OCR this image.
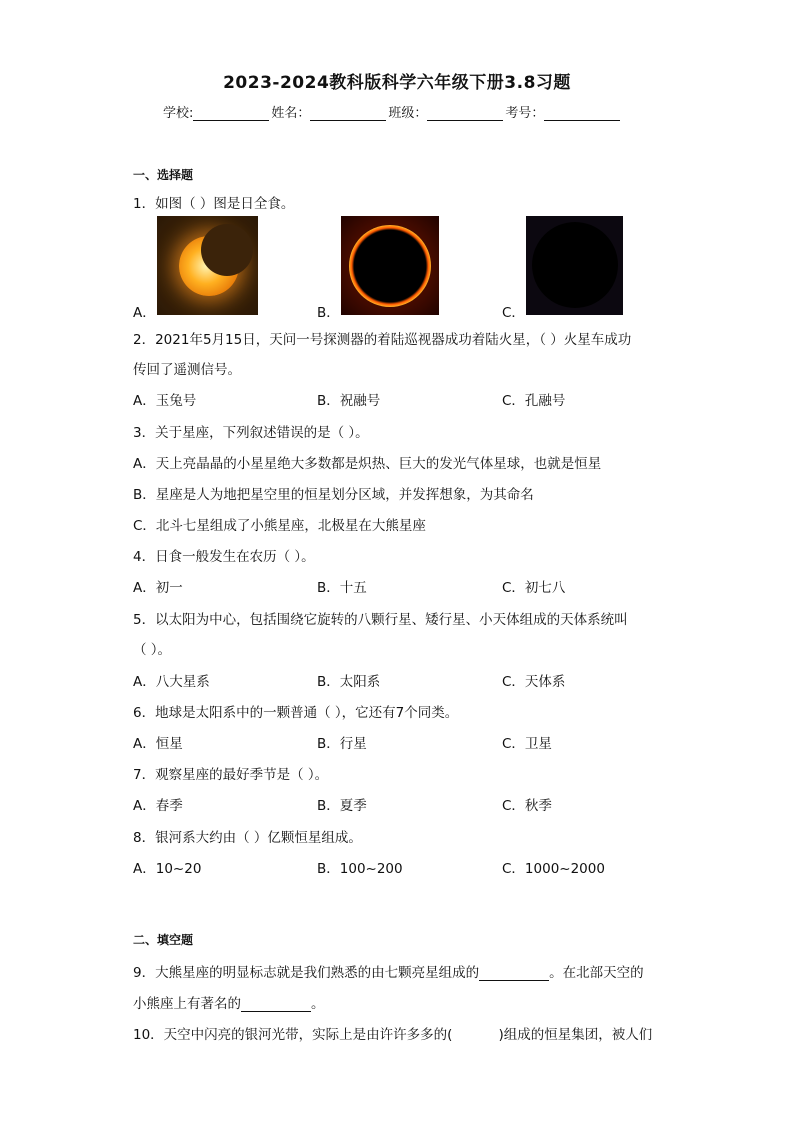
2023-2024教科版科学六年级下册3.8习题
学校:	姓名：	班级：	考号：
一、选择题
1．如图（ ）图是日全食。
A．	B．	C．
2．2021年5月15日，天问一号探测器的着陆巡视器成功着陆火星，（ ）火星车成功
传回了遥测信号。
A．玉兔号	B．祝融号	C．孔融号
3．关于星座，下列叙述错误的是（ ）。
A．天上亮晶晶的小星星绝大多数都是炽热、巨大的发光气体星球，也就是恒星
B．星座是人为地把星空里的恒星划分区域，并发挥想象，为其命名
C．北斗七星组成了小熊星座，北极星在大熊星座
4．日食一般发生在农历（ ）。
A．初一	B．十五	C．初七八
5．以太阳为中心，包括围绕它旋转的八颗行星、矮行星、小天体组成的天体系统叫
（ ）。
A．八大星系	B．太阳系	C．天体系
6．地球是太阳系中的一颗普通（ ），它还有7个同类。
A．恒星	B．行星	C．卫星
7．观察星座的最好季节是（ ）。
A．春季	B．夏季	C．秋季
8．银河系大约由（ ）亿颗恒星组成。
A．10~20	B．100~200	C．1000~2000
二、填空题
9．大熊星座的明显标志就是我们熟悉的由七颗亮星组成的	。在北部天空的
小熊座上有著名的	。
10．天空中闪亮的银河光带，实际上是由许许多多的(	)组成的恒星集团，被人们
